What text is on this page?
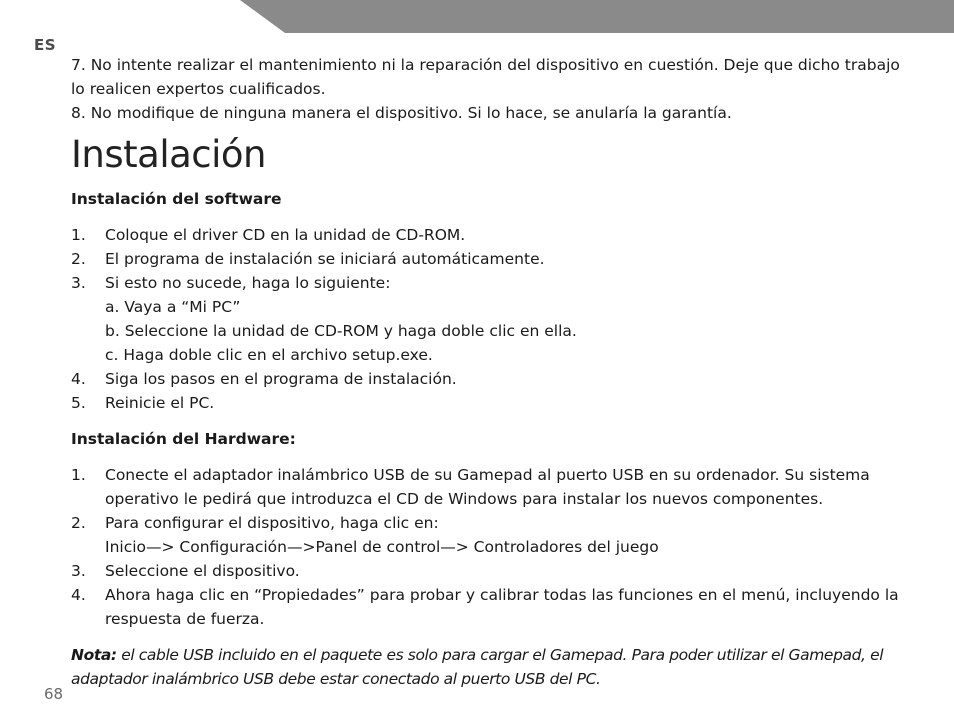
ES

7. No intente realizar el mantenimiento ni la reparación del dispositivo en cuestión. Deje que dicho trabajo lo realicen expertos cualificados.

8. No modifique de ninguna manera el dispositivo. Si lo hace, se anularía la garantía.

Instalación
Instalación del software
1. Coloque el driver CD en la unidad de CD-ROM.
2. El programa de instalación se iniciará automáticamente.
3. Si esto no sucede, haga lo siguiente:
a. Vaya a “Mi PC”
b. Seleccione la unidad de CD-ROM y haga doble clic en ella.
c. Haga doble clic en el archivo setup.exe.
4. Siga los pasos en el programa de instalación.
5. Reinicie el PC.
Instalación del Hardware:
1. Conecte el adaptador inalámbrico USB de su Gamepad al puerto USB en su ordenador. Su sistema operativo le pedirá que introduzca el CD de Windows para instalar los nuevos componentes.
2. Para configurar el dispositivo, haga clic en:
Inicio—> Configuración—>Panel de control—> Controladores del juego
3. Seleccione el dispositivo.
4. Ahora haga clic en “Propiedades” para probar y calibrar todas las funciones en el menú, incluyendo la respuesta de fuerza.

Nota: el cable USB incluido en el paquete es solo para cargar el Gamepad. Para poder utilizar el Gamepad, el adaptador inalámbrico USB debe estar conectado al puerto USB del PC.

68
